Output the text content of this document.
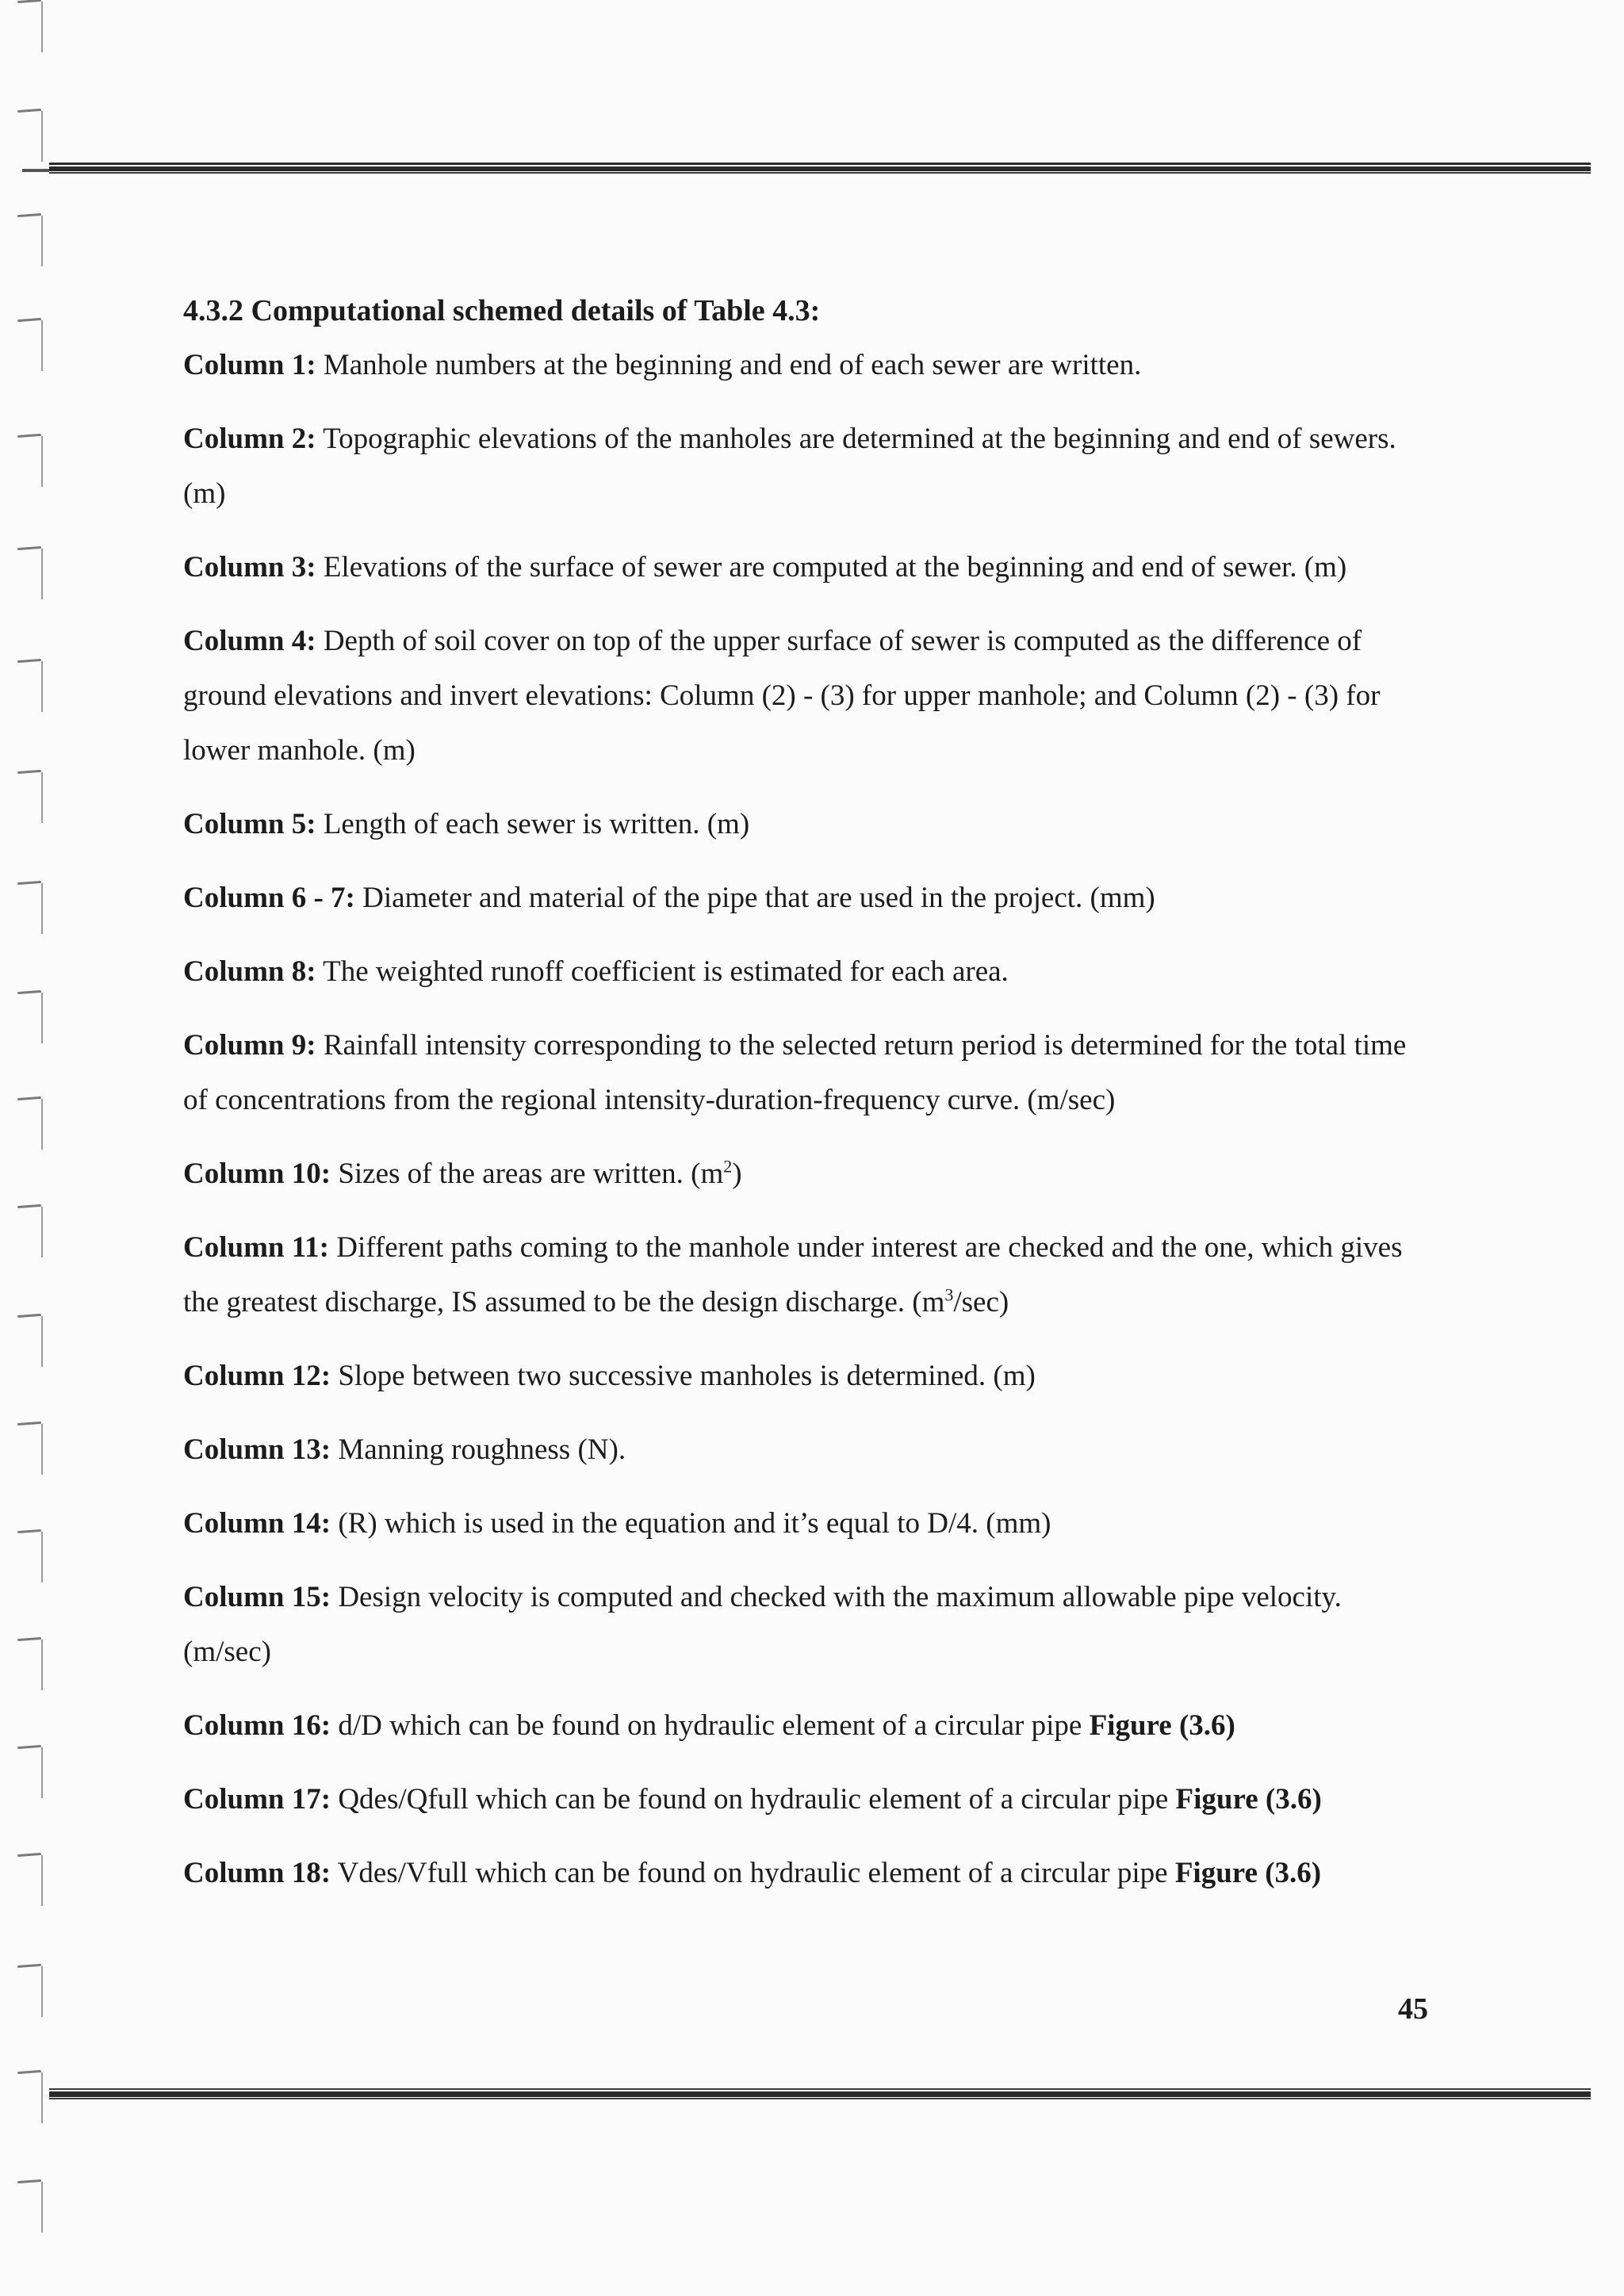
4.3.2 Computational schemed details of Table 4.3:

Column 1: Manhole numbers at the beginning and end of each sewer are written.

Column 2: Topographic elevations of the manholes are determined at the beginning and end of sewers. (m)

Column 3: Elevations of the surface of sewer are computed at the beginning and end of sewer. (m)

Column 4: Depth of soil cover on top of the upper surface of sewer is computed as the difference of ground elevations and invert elevations: Column (2) - (3) for upper manhole; and Column (2) - (3) for lower manhole. (m)

Column 5: Length of each sewer is written. (m)

Column 6 - 7: Diameter and material of the pipe that are used in the project. (mm)

Column 8: The weighted runoff coefficient is estimated for each area.

Column 9: Rainfall intensity corresponding to the selected return period is determined for the total time of concentrations from the regional intensity-duration-frequency curve. (m/sec)

Column 10: Sizes of the areas are written. $(m^2)$

Column 11: Different paths coming to the manhole under interest are checked and the one, which gives the greatest discharge, IS assumed to be the design discharge. $(m^3/\sec)$

Column 12: Slope between two successive manholes is determined. (m)

Column 13: Manning roughness (N).

Column 14: (R) which is used in the equation and it’s equal to D/4. (mm)

Column 15: Design velocity is computed and checked with the maximum allowable pipe velocity. (m/sec)

Column 16: d/D which can be found on hydraulic element of a circular pipe Figure (3.6)

Column 17: Qdes/Qfull which can be found on hydraulic element of a circular pipe Figure (3.6)

Column 18: Vdes/Vfull which can be found on hydraulic element of a circular pipe Figure (3.6)

45
